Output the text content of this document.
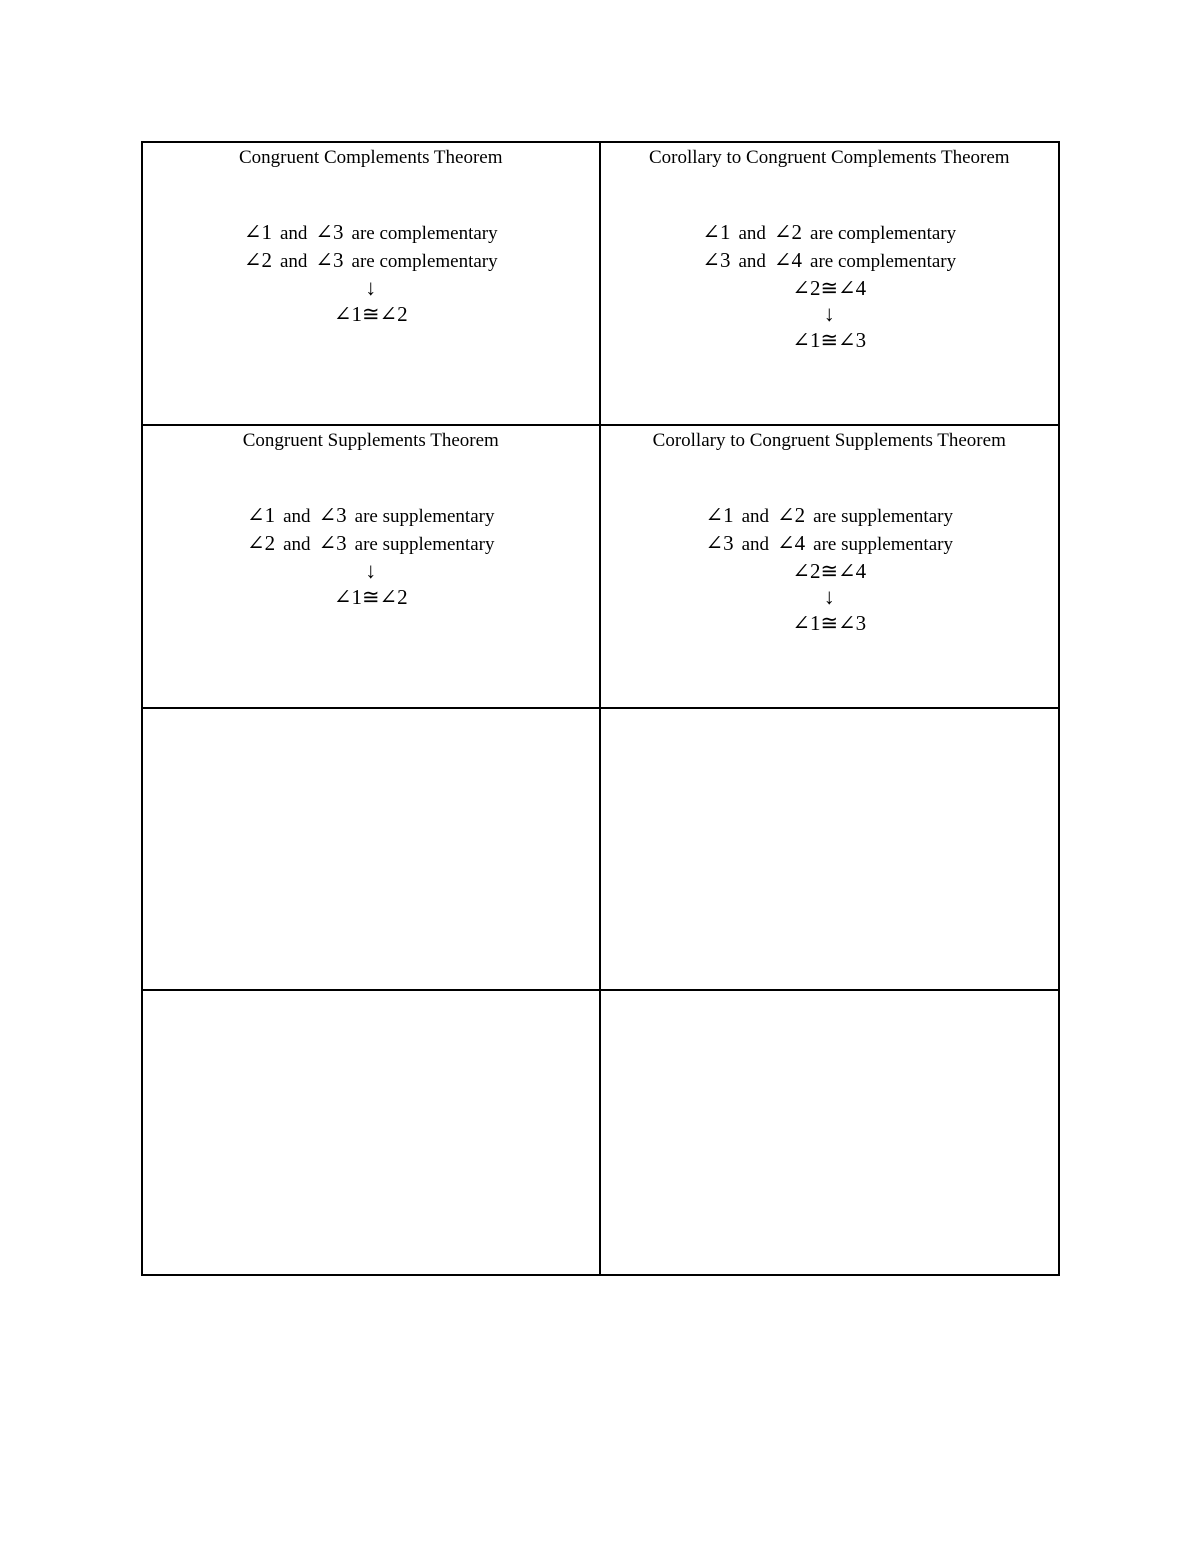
Congruent Complements Theorem
∠1 and ∠3 are complementary
∠2 and ∠3 are complementary
↓
∠1≅∠2
Corollary to Congruent Complements Theorem
∠1 and ∠2 are complementary
∠3 and ∠4 are complementary
∠2≅∠4
↓
∠1≅∠3
Congruent Supplements Theorem
∠1 and ∠3 are supplementary
∠2 and ∠3 are supplementary
↓
∠1≅∠2
Corollary to Congruent Supplements Theorem
∠1 and ∠2 are supplementary
∠3 and ∠4 are supplementary
∠2≅∠4
↓
∠1≅∠3
